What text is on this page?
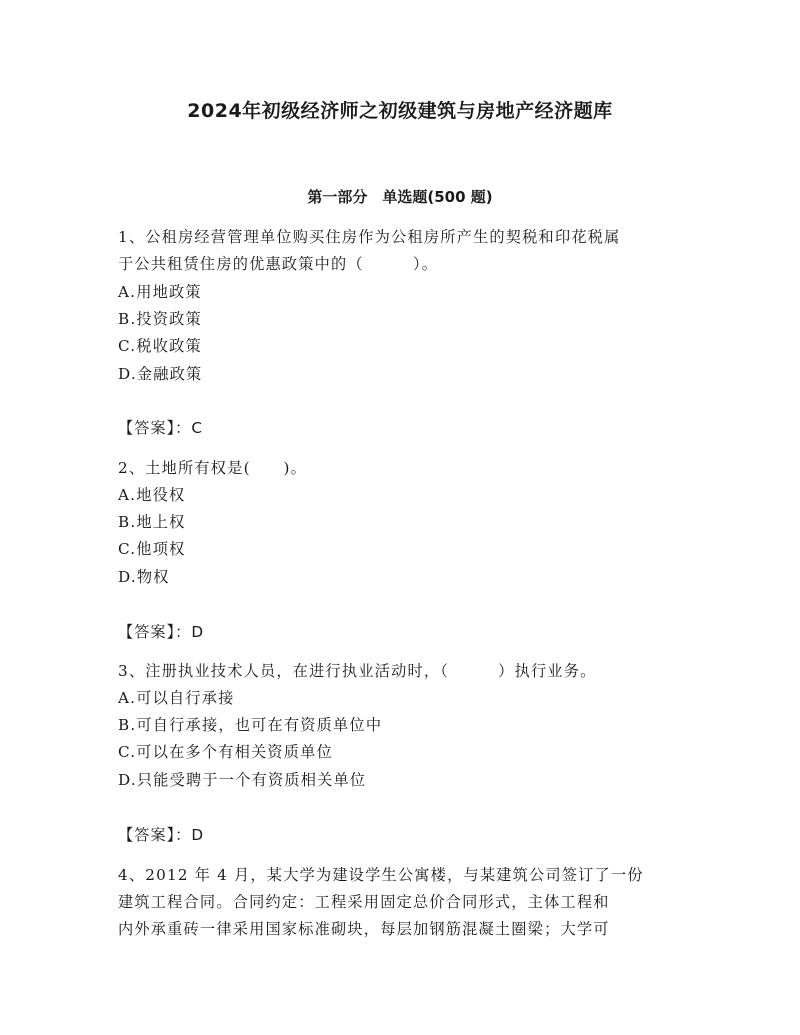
2024年初级经济师之初级建筑与房地产经济题库
第一部分　单选题(500 题)
1、公租房经营管理单位购买住房作为公租房所产生的契税和印花税属
于公共租赁住房的优惠政策中的（　　　）。
A.用地政策
B.投资政策
C.税收政策
D.金融政策
【答案】：C
2、土地所有权是(　　)。
A.地役权
B.地上权
C.他项权
D.物权
【答案】：D
3、注册执业技术人员，在进行执业活动时，（　　　）执行业务。
A.可以自行承接
B.可自行承接，也可在有资质单位中
C.可以在多个有相关资质单位
D.只能受聘于一个有资质相关单位
【答案】：D
4、2012 年 4 月，某大学为建设学生公寓楼，与某建筑公司签订了一份
建筑工程合同。合同约定：工程采用固定总价合同形式，主体工程和
内外承重砖一律采用国家标准砌块，每层加钢筋混凝土圈梁；大学可
